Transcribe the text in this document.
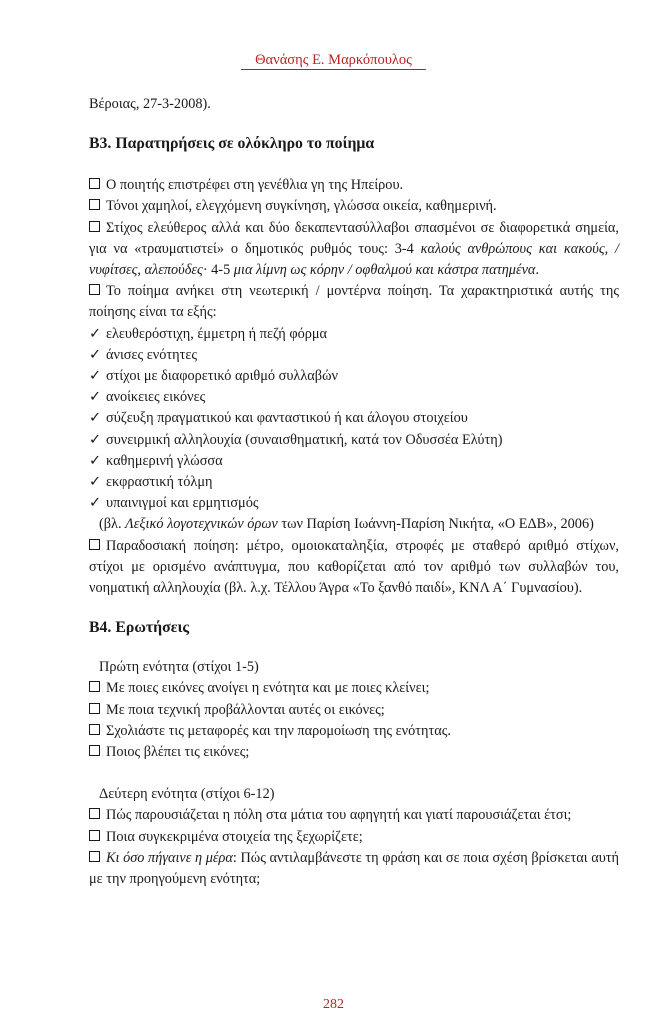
Θανάσης Ε. Μαρκόπουλος

Βέροιας, 27-3-2008).

Β3. Παρατηρήσεις σε ολόκληρο το ποίημα

Ο ποιητής επιστρέφει στη γενέθλια γη της Ηπείρου.

Τόνοι χαμηλοί, ελεγχόμενη συγκίνηση, γλώσσα οικεία, καθημερινή.

Στίχος ελεύθερος αλλά και δύο δεκαπεντασύλλαβοι σπασμένοι σε διαφορετικά σημεία, για να «τραυματιστεί» ο δημοτικός ρυθμός τους: 3-4 καλούς ανθρώπους και κακούς, / νυφίτσες, αλεπούδες· 4-5 μια λίμνη ως κόρην / οφθαλμού και κάστρα πατημένα.

Το ποίημα ανήκει στη νεωτερική / μοντέρνα ποίηση. Τα χαρακτηριστικά αυτής της ποίησης είναι τα εξής:

✓ ελευθερόστιχη, έμμετρη ή πεζή φόρμα
✓ άνισες ενότητες
✓ στίχοι με διαφορετικό αριθμό συλλαβών
✓ ανοίκειες εικόνες
✓ σύζευξη πραγματικού και φανταστικού ή και άλογου στοιχείου
✓ συνειρμική αλληλουχία (συναισθηματική, κατά τον Οδυσσέα Ελύτη)
✓ καθημερινή γλώσσα
✓ εκφραστική τόλμη
✓ υπαινιγμοί και ερμητισμός

(βλ. Λεξικό λογοτεχνικών όρων των Παρίση Ιωάννη-Παρίση Νικήτα, «Ο ΕΔΒ», 2006)

Παραδοσιακή ποίηση: μέτρο, ομοιοκαταληξία, στροφές με σταθερό αριθμό στίχων, στίχοι με ορισμένο ανάπτυγμα, που καθορίζεται από τον αριθμό των συλλαβών του, νοηματική αλληλουχία (βλ. λ.χ. Τέλλου Άγρα «Το ξανθό παιδί», ΚΝΛ Α΄ Γυμνασίου).

Β4. Ερωτήσεις

Πρώτη ενότητα (στίχοι 1-5)

Με ποιες εικόνες ανοίγει η ενότητα και με ποιες κλείνει;

Με ποια τεχνική προβάλλονται αυτές οι εικόνες;

Σχολιάστε τις μεταφορές και την παρομοίωση της ενότητας.

Ποιος βλέπει τις εικόνες;

Δεύτερη ενότητα (στίχοι 6-12)

Πώς παρουσιάζεται η πόλη στα μάτια του αφηγητή και γιατί παρουσιάζεται έτσι;

Ποια συγκεκριμένα στοιχεία της ξεχωρίζετε;

Κι όσο πήγαινε η μέρα: Πώς αντιλαμβάνεστε τη φράση και σε ποια σχέση βρίσκεται αυτή με την προηγούμενη ενότητα;

282
